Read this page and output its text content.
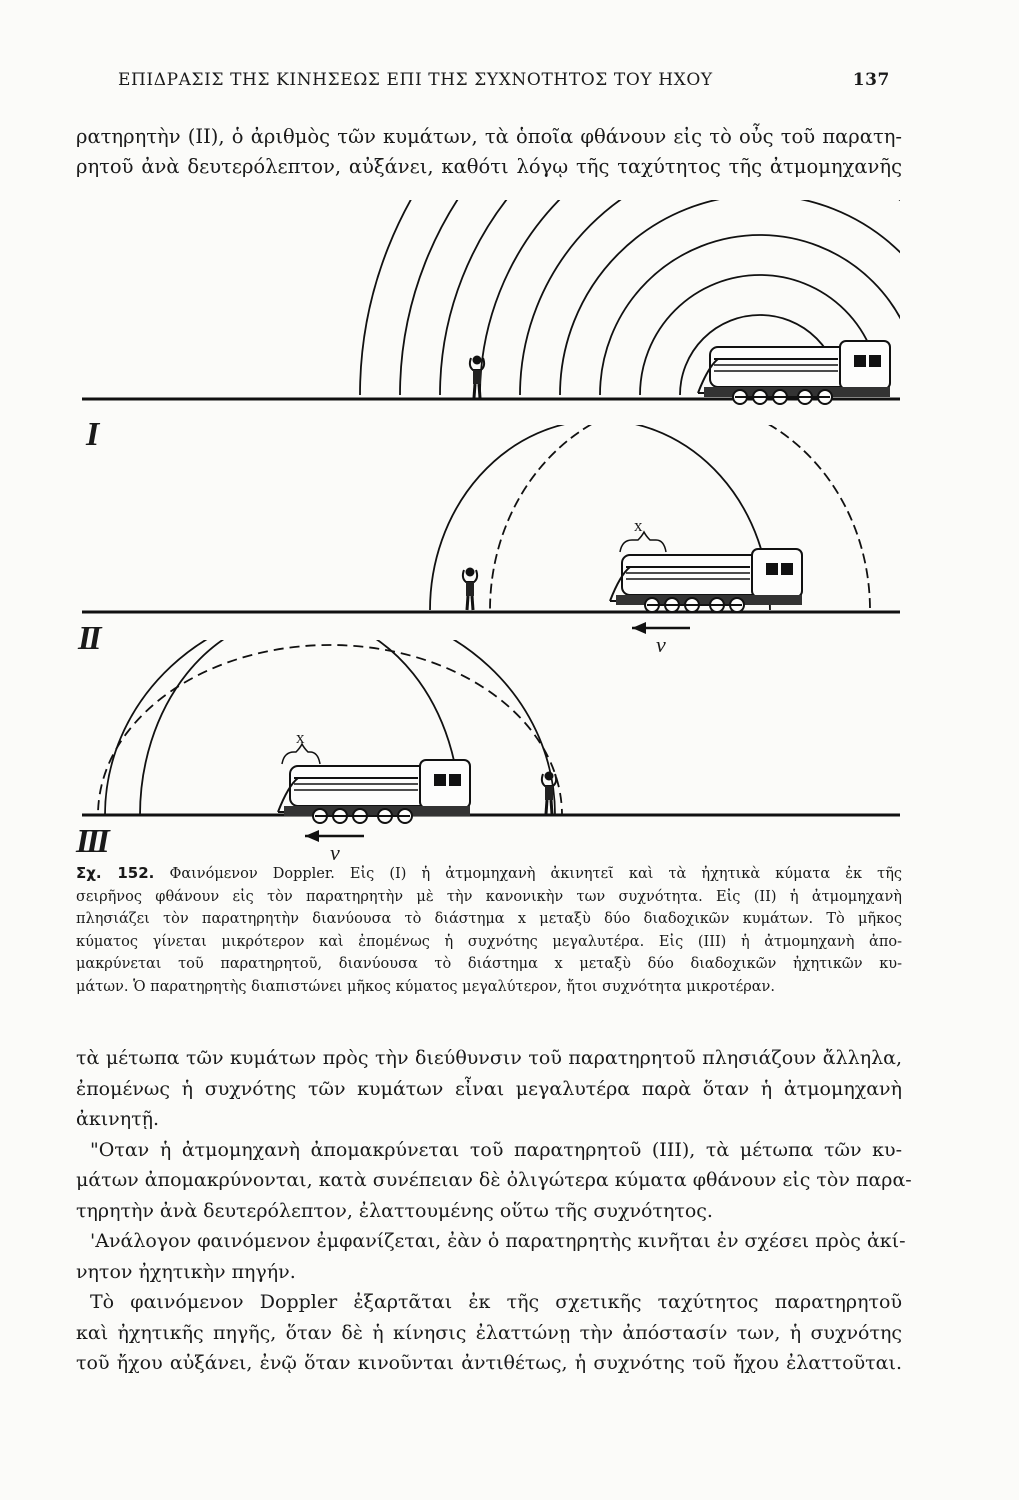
ΕΠΙΔΡΑΣΙΣ ΤΗΣ ΚΙΝΗΣΕΩΣ ΕΠΙ ΤΗΣ ΣΥΧΝΟΤΗΤΟΣ ΤΟΥ ΗΧΟΥ	137
ρατηρητὴν (II), ὁ ἀριθμὸς τῶν κυμάτων, τὰ ὁποῖα φθάνουν εἰς τὸ οὖς τοῦ παρατη-
ρητοῦ ἀνὰ δευτερόλεπτον, αὐξάνει, καθότι λόγῳ τῆς ταχύτητος τῆς ἀτμομηχανῆς
I
II
III
x
x
v
v
Σχ. 152. Φαινόμενον Doppler. Εἰς (I) ἡ ἀτμομηχανὴ ἀκινητεῖ καὶ τὰ ἠχητικὰ κύματα ἐκ τῆς
σειρῆνος φθάνουν εἰς τὸν παρατηρητὴν μὲ τὴν κανονικὴν των συχνότητα. Εἰς (II) ἡ ἀτμομηχανὴ
πλησιάζει τὸν παρατηρητὴν διανύουσα τὸ διάστημα x μεταξὺ δύο διαδοχικῶν κυμάτων. Τὸ μῆκος
κύματος γίνεται μικρότερον καὶ ἐπομένως ἡ συχνότης μεγαλυτέρα. Εἰς (III) ἡ ἀτμομηχανὴ ἀπο-
μακρύνεται τοῦ παρατηρητοῦ, διανύουσα τὸ διάστημα x μεταξὺ δύο διαδοχικῶν ἠχητικῶν κυ-
μάτων. Ὁ παρατηρητὴς διαπιστώνει μῆκος κύματος μεγαλύτερον, ἤτοι συχνότητα μικροτέραν.
τὰ μέτωπα τῶν κυμάτων πρὸς τὴν διεύθυνσιν τοῦ παρατηρητοῦ πλησιάζουν ἄλληλα,
ἐπομένως ἡ συχνότης τῶν κυμάτων εἶναι μεγαλυτέρα παρὰ ὅταν ἡ ἀτμομηχανὴ
ἀκινητῇ.
"Οταν ἡ ἀτμομηχανὴ ἀπομακρύνεται τοῦ παρατηρητοῦ (III), τὰ μέτωπα τῶν κυ-
μάτων ἀπομακρύνονται, κατὰ συνέπειαν δὲ ὀλιγώτερα κύματα φθάνουν εἰς τὸν παρα-
τηρητὴν ἀνὰ δευτερόλεπτον, ἐλαττουμένης οὕτω τῆς συχνότητος.
'Ανάλογον φαινόμενον ἐμφανίζεται, ἐὰν ὁ παρατηρητὴς κινῆται ἐν σχέσει πρὸς ἀκί-
νητον ἠχητικὴν πηγήν.
Τὸ φαινόμενον Doppler ἐξαρτᾶται ἐκ τῆς σχετικῆς ταχύτητος παρατηρητοῦ
καὶ ἠχητικῆς πηγῆς, ὅταν δὲ ἡ κίνησις ἐλαττώνῃ τὴν ἀπόστασίν των, ἡ συχνότης
τοῦ ἤχου αὐξάνει, ἐνῷ ὅταν κινοῦνται ἀντιθέτως, ἡ συχνότης τοῦ ἤχου ἐλαττοῦται.
